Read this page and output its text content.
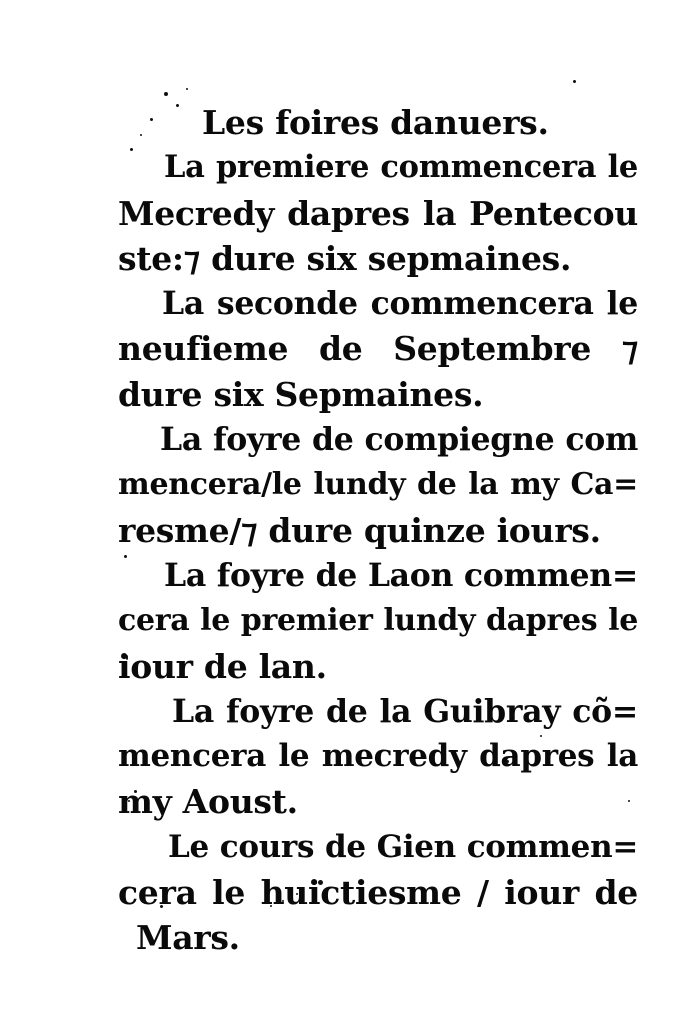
Les foires danuers.
La premiere commencera le
Mecredy dapres la Pentecou
ste:⁊ dure six sepmaines.
La seconde commencera le
neufieme de Septembre ⁊
dure six Sepmaines.
La foyre de compiegne com
mencera/le lundy de la my Ca=
resme/⁊ dure quinze iours.
La foyre de Laon commen=
cera le premier lundy dapres le
iour de lan.
La foyre de la Guibray cõ=
mencera le mecredy dapres la
my Aoust.
Le cours de Gien commen=
cera le huictiesme / iour de
Mars.
